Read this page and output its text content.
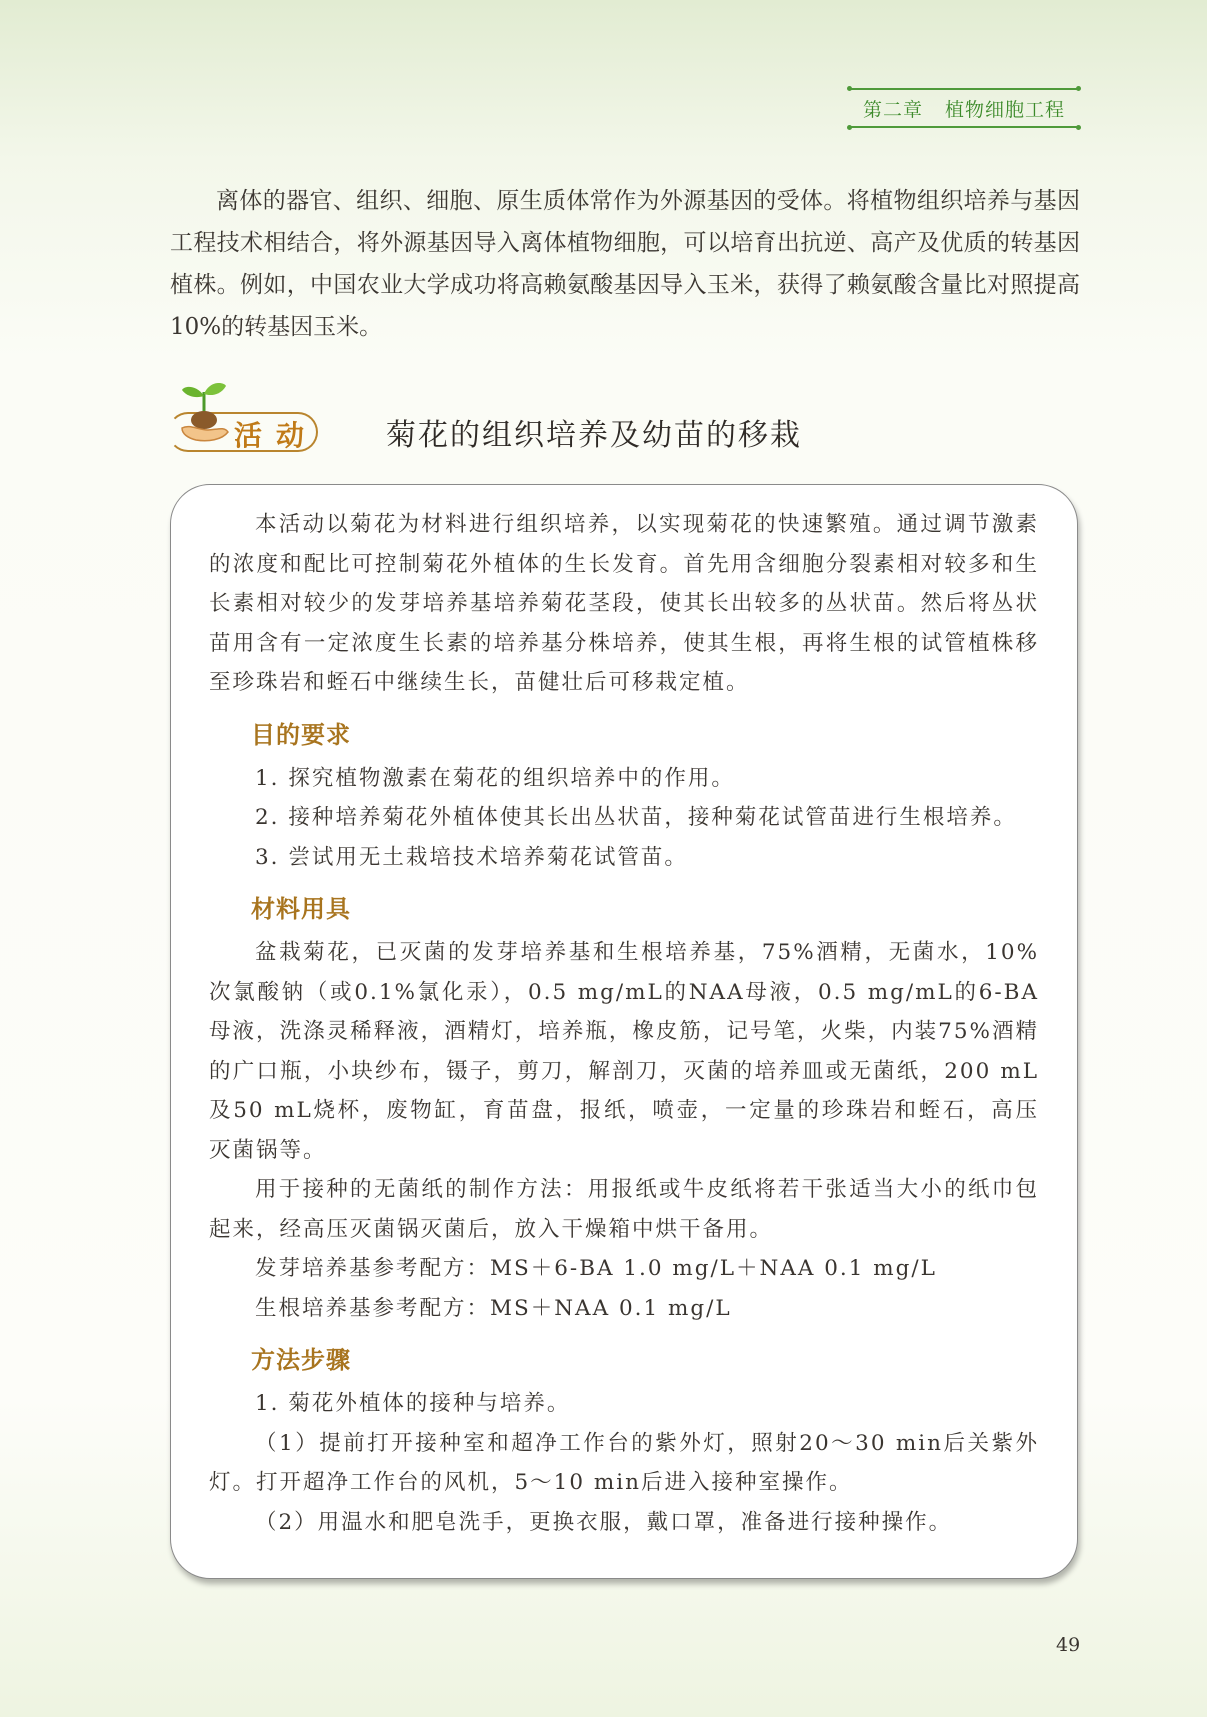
第二章 植物细胞工程

离体的器官、组织、细胞、原生质体常作为外源基因的受体。将植物组织培养与基因工程技术相结合，将外源基因导入离体植物细胞，可以培育出抗逆、高产及优质的转基因植株。例如，中国农业大学成功将高赖氨酸基因导入玉米，获得了赖氨酸含量比对照提高10%的转基因玉米。

活动 菊花的组织培养及幼苗的移栽

本活动以菊花为材料进行组织培养，以实现菊花的快速繁殖。通过调节激素的浓度和配比可控制菊花外植体的生长发育。首先用含细胞分裂素相对较多和生长素相对较少的发芽培养基培养菊花茎段，使其长出较多的丛状苗。然后将丛状苗用含有一定浓度生长素的培养基分株培养，使其生根，再将生根的试管植株移至珍珠岩和蛭石中继续生长，苗健壮后可移栽定植。

目的要求

1. 探究植物激素在菊花的组织培养中的作用。

2. 接种培养菊花外植体使其长出丛状苗，接种菊花试管苗进行生根培养。

3. 尝试用无土栽培技术培养菊花试管苗。

材料用具

盆栽菊花，已灭菌的发芽培养基和生根培养基，75%酒精，无菌水，10%次氯酸钠（或0.1%氯化汞），0.5 mg/mL的NAA母液，0.5 mg/mL的6-BA母液，洗涤灵稀释液，酒精灯，培养瓶，橡皮筋，记号笔，火柴，内装75%酒精的广口瓶，小块纱布，镊子，剪刀，解剖刀，灭菌的培养皿或无菌纸，200 mL及50 mL烧杯，废物缸，育苗盘，报纸，喷壶，一定量的珍珠岩和蛭石，高压灭菌锅等。

用于接种的无菌纸的制作方法：用报纸或牛皮纸将若干张适当大小的纸巾包起来，经高压灭菌锅灭菌后，放入干燥箱中烘干备用。

发芽培养基参考配方：MS＋6-BA 1.0 mg/L＋NAA 0.1 mg/L

生根培养基参考配方：MS＋NAA 0.1 mg/L

方法步骤

1. 菊花外植体的接种与培养。

（1）提前打开接种室和超净工作台的紫外灯，照射20～30 min后关紫外灯。打开超净工作台的风机，5～10 min后进入接种室操作。

（2）用温水和肥皂洗手，更换衣服，戴口罩，准备进行接种操作。

49
